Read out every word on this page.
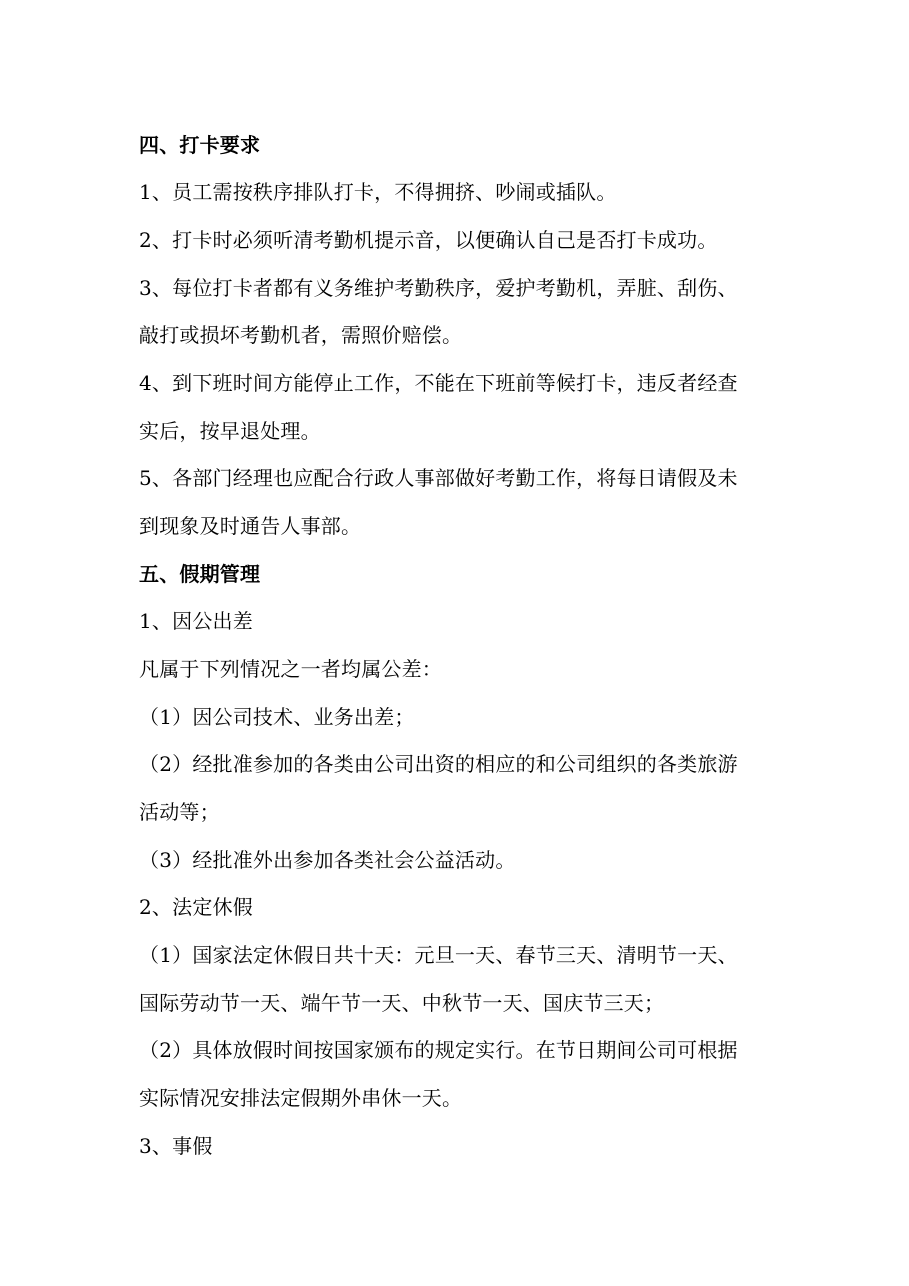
四、打卡要求
1、员工需按秩序排队打卡，不得拥挤、吵闹或插队。
2、打卡时必须听清考勤机提示音，以便确认自己是否打卡成功。
3、每位打卡者都有义务维护考勤秩序，爱护考勤机，弄脏、刮伤、
敲打或损坏考勤机者，需照价赔偿。
4、到下班时间方能停止工作，不能在下班前等候打卡，违反者经查
实后，按早退处理。
5、各部门经理也应配合行政人事部做好考勤工作，将每日请假及未
到现象及时通告人事部。
五、假期管理
1、因公出差
凡属于下列情况之一者均属公差：
（1）因公司技术、业务出差；
（2）经批准参加的各类由公司出资的相应的和公司组织的各类旅游
活动等；
（3）经批准外出参加各类社会公益活动。
2、法定休假
（1）国家法定休假日共十天：元旦一天、春节三天、清明节一天、
国际劳动节一天、端午节一天、中秋节一天、国庆节三天；
（2）具体放假时间按国家颁布的规定实行。在节日期间公司可根据
实际情况安排法定假期外串休一天。
3、事假
